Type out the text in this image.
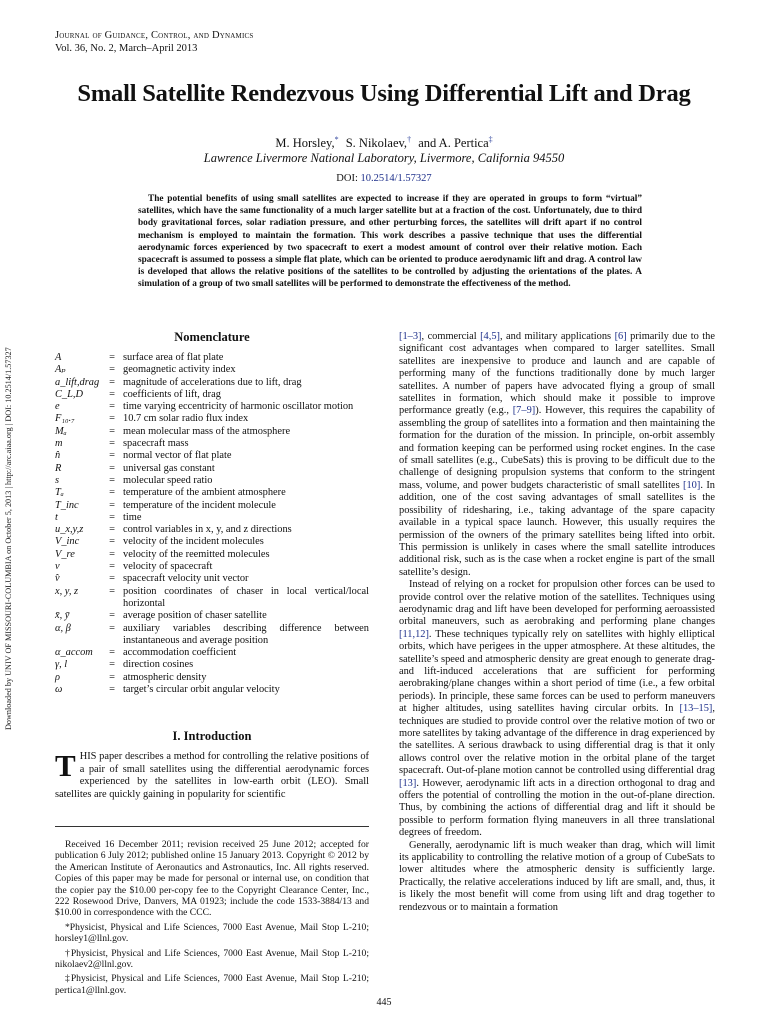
Downloaded by UNIV OF MISSOURI-COLUMBIA on October 5, 2013 | http://arc.aiaa.org | DOI: 10.2514/1.57327
Journal of Guidance, Control, and Dynamics
Vol. 36, No. 2, March–April 2013
Small Satellite Rendezvous Using Differential Lift and Drag
M. Horsley,* S. Nikolaev,† and A. Pertica‡
Lawrence Livermore National Laboratory, Livermore, California 94550
DOI: 10.2514/1.57327
The potential benefits of using small satellites are expected to increase if they are operated in groups to form “virtual” satellites, which have the same functionality of a much larger satellite but at a fraction of the cost. Unfortunately, due to third body gravitational forces, solar radiation pressure, and other perturbing forces, the satellites will drift apart if no control mechanism is employed to maintain the formation. This work describes a passive technique that uses the differential aerodynamic forces experienced by two spacecraft to exert a modest amount of control over their relative motion. Each spacecraft is assumed to possess a simple flat plate, which can be oriented to produce aerodynamic lift and drag. A control law is developed that allows the relative positions of the satellites to be controlled by adjusting the orientations of the plates. A simulation of a group of two small satellites will be performed to demonstrate the effectiveness of the method.
Nomenclature
A	= surface area of flat plate
Aₚ	= geomagnetic activity index
a_lift,drag = magnitude of accelerations due to lift, drag
C_L,D	= coefficients of lift, drag
e	= time varying eccentricity of harmonic oscillator motion
F₁₀.₇	= 10.7 cm solar radio flux index
Mₐ	= mean molecular mass of the atmosphere
m	= spacecraft mass
n̂	= normal vector of flat plate
R	= universal gas constant
s	= molecular speed ratio
Tₐ	= temperature of the ambient atmosphere
T_inc	= temperature of the incident molecule
t	= time
u_x,y,z	= control variables in x, y, and z directions
V_inc	= velocity of the incident molecules
V_re	= velocity of the reemitted molecules
v	= velocity of spacecraft
v̂	= spacecraft velocity unit vector
x, y, z	= position coordinates of chaser in local vertical/local horizontal
x̄, ȳ	= average position of chaser satellite
α, β	= auxiliary variables describing difference between instantaneous and average position
α_accom	= accommodation coefficient
γ, l	= direction cosines
ρ	= atmospheric density
ω	= target’s circular orbit angular velocity
I. Introduction
THIS paper describes a method for controlling the relative positions of a pair of small satellites using the differential aerodynamic forces experienced by the satellites in low-earth orbit (LEO). Small satellites are quickly gaining in popularity for scientific

Received 16 December 2011; revision received 25 June 2012; accepted for publication 6 July 2012; published online 15 January 2013. Copyright © 2012 by the American Institute of Aeronautics and Astronautics, Inc. All rights reserved. Copies of this paper may be made for personal or internal use, on condition that the copier pay the $10.00 per-copy fee to the Copyright Clearance Center, Inc., 222 Rosewood Drive, Danvers, MA 01923; include the code 1533-3884/13 and $10.00 in correspondence with the CCC.

*Physicist, Physical and Life Sciences, 7000 East Avenue, Mail Stop L-210; horsley1@llnl.gov.

†Physicist, Physical and Life Sciences, 7000 East Avenue, Mail Stop L-210; nikolaev2@llnl.gov.

‡Physicist, Physical and Life Sciences, 7000 East Avenue, Mail Stop L-210; pertica1@llnl.gov.

[1–3], commercial [4,5], and military applications [6] primarily due to the significant cost advantages when compared to larger satellites. Small satellites are inexpensive to produce and launch and are capable of performing many of the functions traditionally done by much larger satellites. A number of papers have advocated flying a group of small satellites in formation, which should make it possible to improve performance greatly (e.g., [7–9]). However, this requires the capability of assembling the group of satellites into a formation and then maintaining the formation for the duration of the mission. In principle, on-orbit assembly and formation keeping can be performed using rocket engines. In the case of small satellites (e.g., CubeSats) this is proving to be difficult due to the challenge of designing propulsion systems that conform to the stringent mass, volume, and power budgets characteristic of small satellites [10]. In addition, one of the cost saving advantages of small satellites is the possibility of ridesharing, i.e., taking advantage of the spare capacity available in a typical space launch. However, this usually requires the permission of the owners of the primary satellites being lifted into orbit. This permission is unlikely in cases where the small satellite introduces additional risk, such as is the case when a rocket engine is part of the small satellite’s design.

Instead of relying on a rocket for propulsion other forces can be used to provide control over the relative motion of the satellites. Techniques using aerodynamic drag and lift have been developed for performing aeroassisted orbital maneuvers, such as aerobraking and performing plane changes [11,12]. These techniques typically rely on satellites with highly elliptical orbits, which have perigees in the upper atmosphere. At these altitudes, the satellite’s speed and atmospheric density are great enough to generate drag- and lift-induced accelerations that are sufficient for performing aerobraking/plane changes within a short period of time (i.e., a few orbital periods). In principle, these same forces can be used to perform maneuvers at higher altitudes, using satellites having circular orbits. In [13–15], techniques are studied to provide control over the relative motion of two or more satellites by taking advantage of the difference in drag experienced by the satellites. A serious drawback to using differential drag is that it only allows control over the relative motion in the orbital plane of the target spacecraft. Out-of-plane motion cannot be controlled using differential drag [13]. However, aerodynamic lift acts in a direction orthogonal to drag and offers the potential of controlling the motion in the out-of-plane direction. Thus, by combining the actions of differential drag and lift it should be possible to perform formation flying maneuvers in all three translational degrees of freedom.

Generally, aerodynamic lift is much weaker than drag, which will limit its applicability to controlling the relative motion of a group of CubeSats to lower altitudes where the atmospheric density is sufficiently large. Practically, the relative accelerations induced by lift are small, and, thus, it is likely the most benefit will come from using lift and drag together to rendezvous or to maintain a formation

445
